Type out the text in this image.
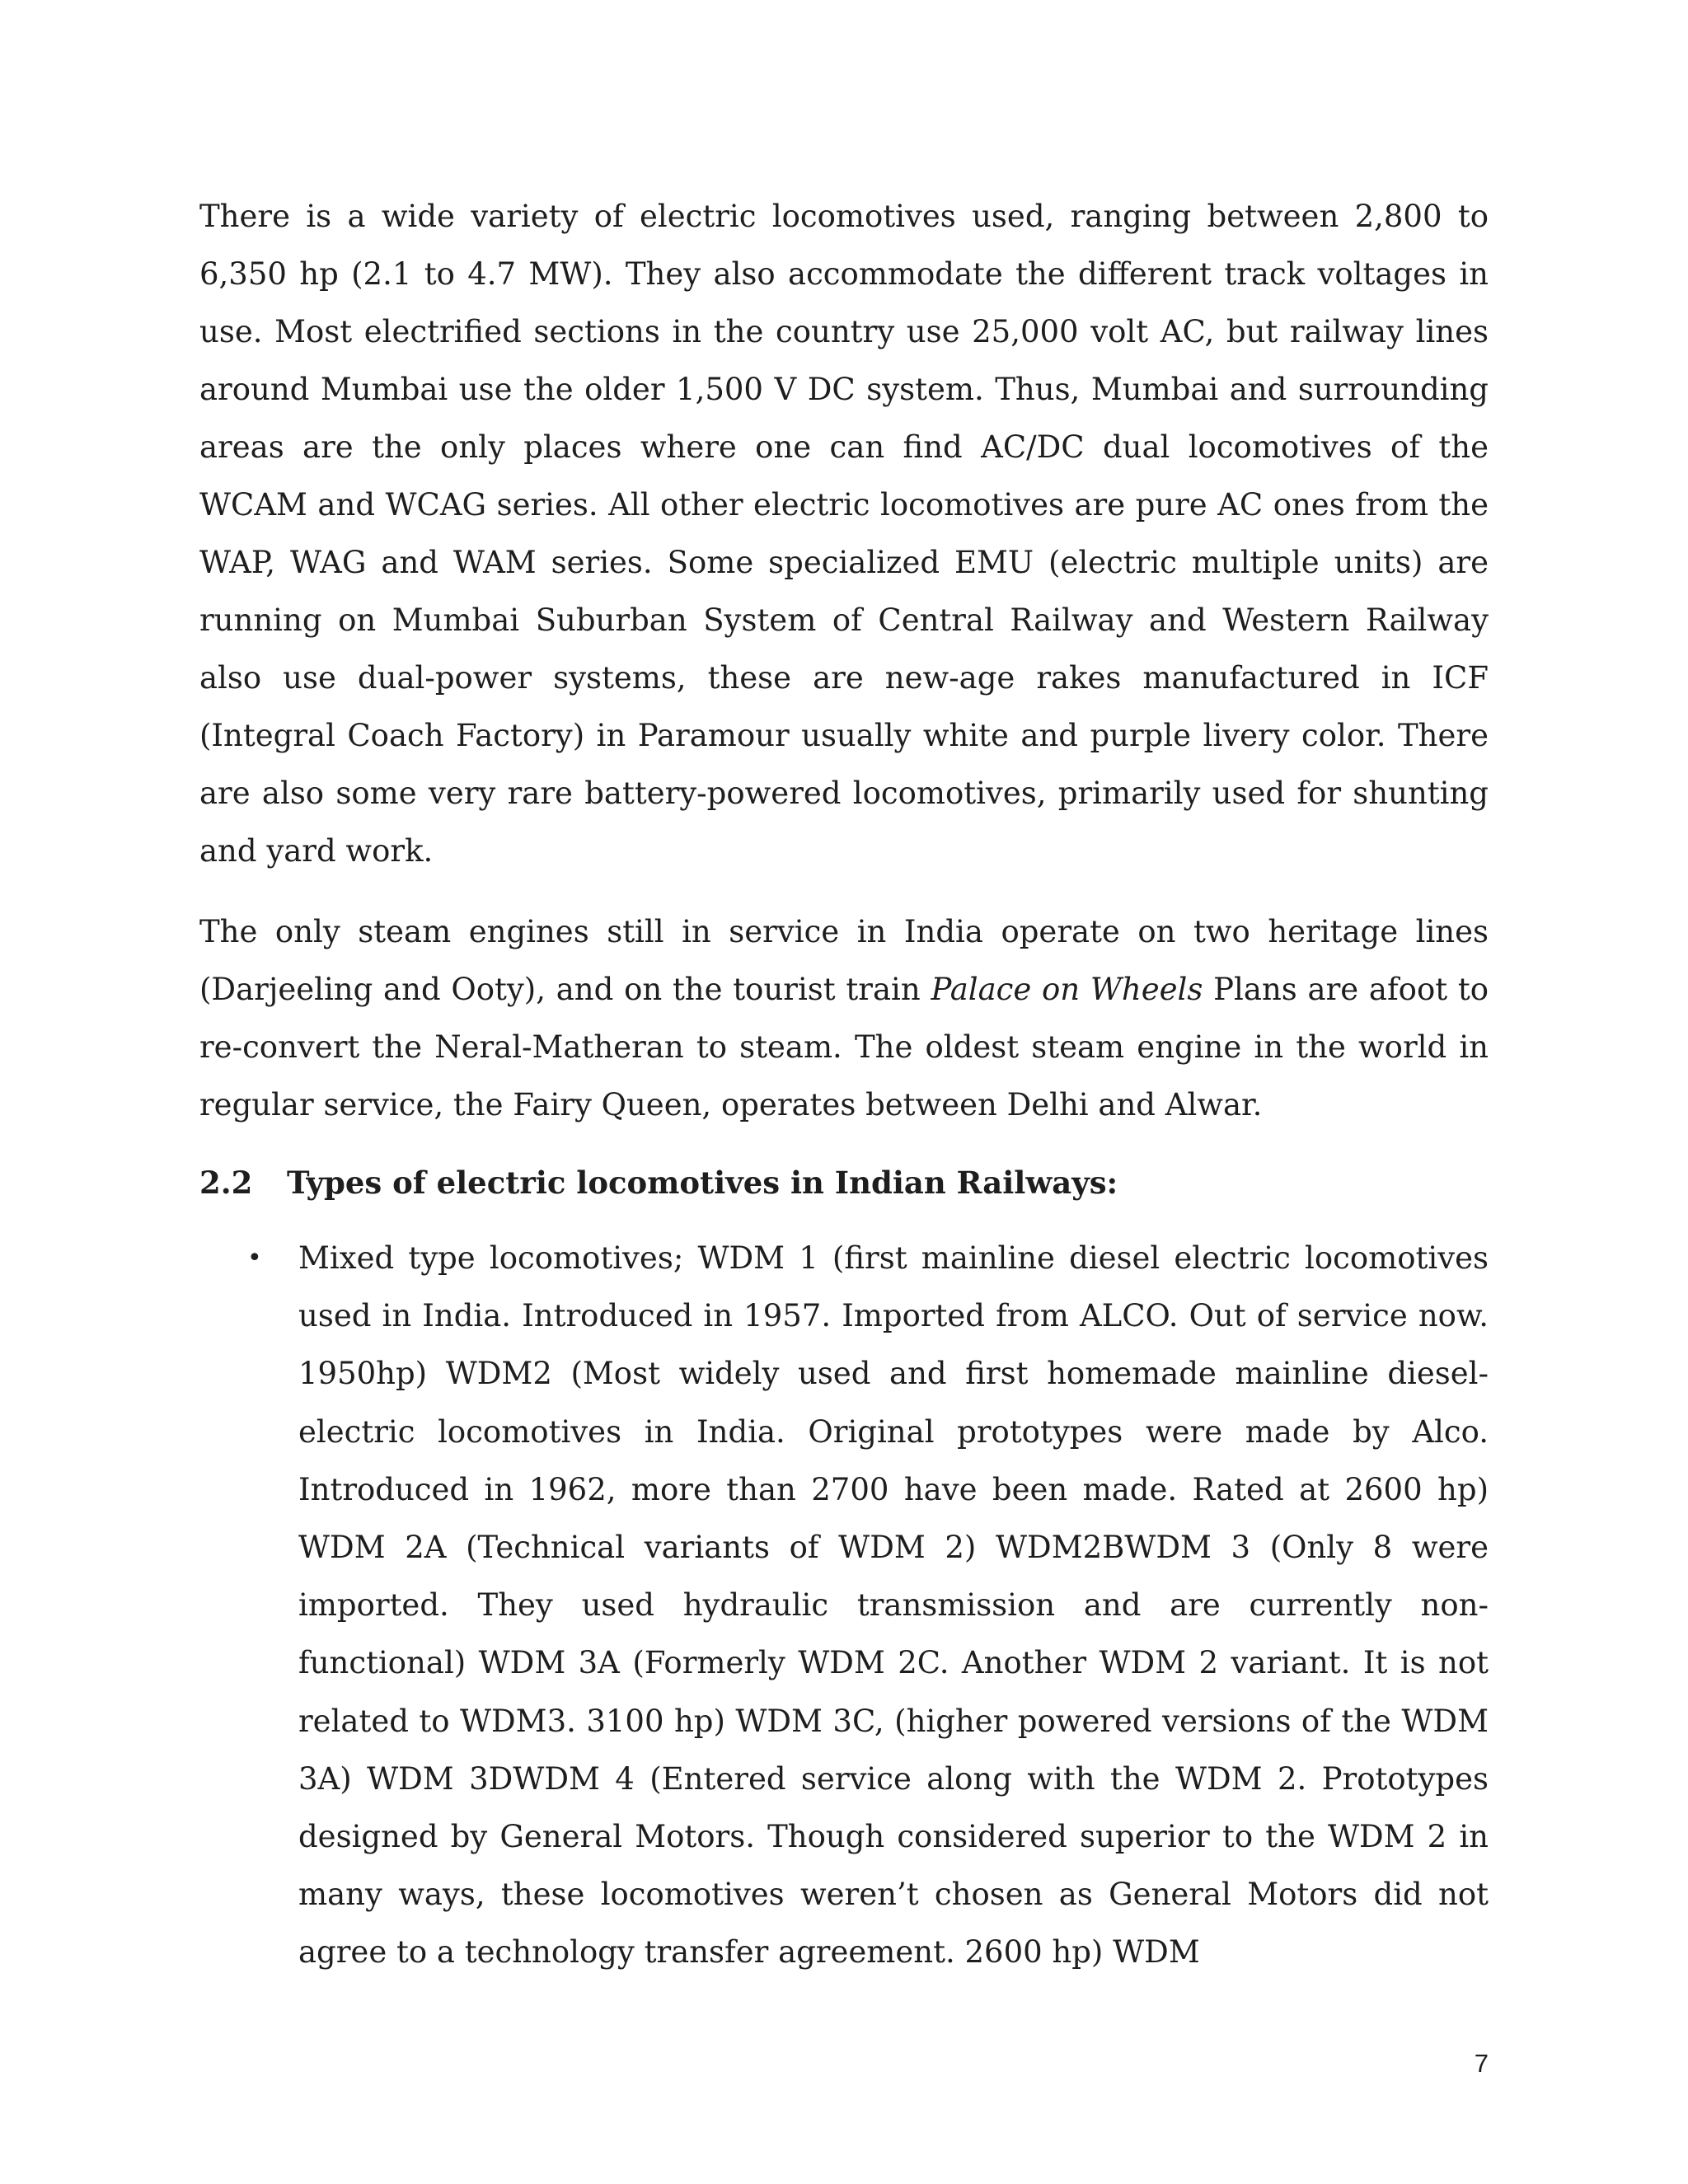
There is a wide variety of electric locomotives used, ranging between 2,800 to 6,350 hp (2.1 to 4.7 MW). They also accommodate the different track voltages in use. Most electrified sections in the country use 25,000 volt AC, but railway lines around Mumbai use the older 1,500 V DC system. Thus, Mumbai and surrounding areas are the only places where one can find AC/DC dual locomotives of the WCAM and WCAG series. All other electric locomotives are pure AC ones from the WAP, WAG and WAM series. Some specialized EMU (electric multiple units) are running on Mumbai Suburban System of Central Railway and Western Railway also use dual-power systems, these are new-age rakes manufactured in ICF (Integral Coach Factory) in Paramour usually white and purple livery color. There are also some very rare battery-powered locomotives, primarily used for shunting and yard work.

The only steam engines still in service in India operate on two heritage lines (Darjeeling and Ooty), and on the tourist train Palace on Wheels Plans are afoot to re-convert the Neral-Matheran to steam. The oldest steam engine in the world in regular service, the Fairy Queen, operates between Delhi and Alwar.

2.2 Types of electric locomotives in Indian Railways:
• Mixed type locomotives; WDM 1 (first mainline diesel electric locomotives used in India. Introduced in 1957. Imported from ALCO. Out of service now. 1950hp) WDM2 (Most widely used and first homemade mainline diesel-electric locomotives in India. Original prototypes were made by Alco. Introduced in 1962, more than 2700 have been made. Rated at 2600 hp) WDM 2A (Technical variants of WDM 2) WDM2BWDM 3 (Only 8 were imported. They used hydraulic transmission and are currently non-functional) WDM 3A (Formerly WDM 2C. Another WDM 2 variant. It is not related to WDM3. 3100 hp) WDM 3C, (higher powered versions of the WDM 3A) WDM 3DWDM 4 (Entered service along with the WDM 2. Prototypes designed by General Motors. Though considered superior to the WDM 2 in many ways, these locomotives weren’t chosen as General Motors did not agree to a technology transfer agreement. 2600 hp) WDM
7
